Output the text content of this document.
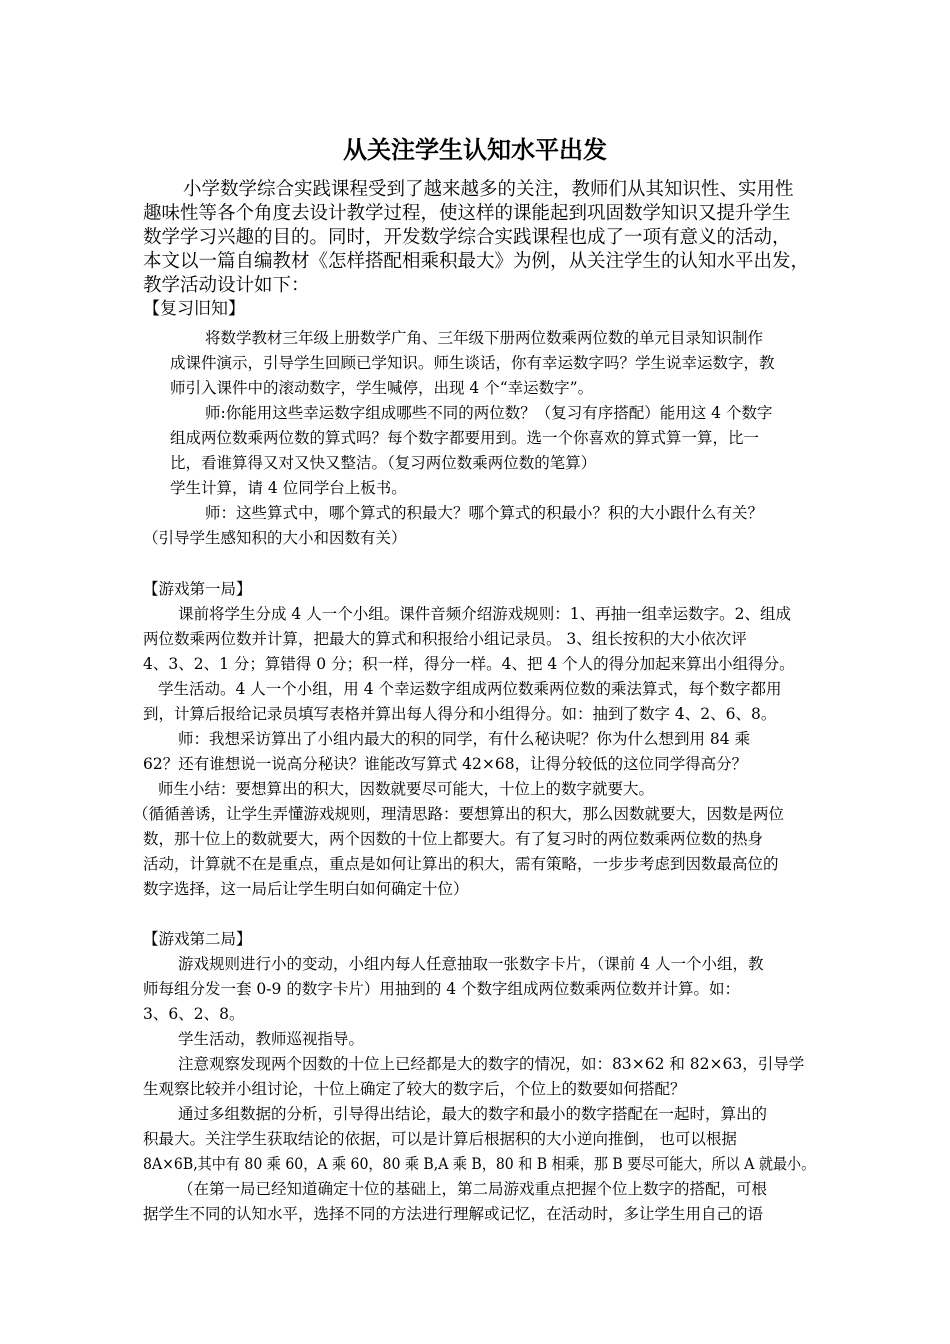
从关注学生认知水平出发
小学数学综合实践课程受到了越来越多的关注，教师们从其知识性、实用性
趣味性等各个角度去设计教学过程，使这样的课能起到巩固数学知识又提升学生
数学学习兴趣的目的。同时，开发数学综合实践课程也成了一项有意义的活动，
本文以一篇自编教材《怎样搭配相乘积最大》为例，从关注学生的认知水平出发，
教学活动设计如下：
【复习旧知】
将数学教材三年级上册数学广角、三年级下册两位数乘两位数的单元目录知识制作
成课件演示，引导学生回顾已学知识。师生谈话，你有幸运数字吗？学生说幸运数字，教
师引入课件中的滚动数字，学生喊停，出现 4 个“幸运数字”。
师:你能用这些幸运数字组成哪些不同的两位数？（复习有序搭配）能用这 4 个数字
组成两位数乘两位数的算式吗？每个数字都要用到。选一个你喜欢的算式算一算，比一
比，看谁算得又对又快又整洁。（复习两位数乘两位数的笔算）
学生计算，请 4 位同学台上板书。
师：这些算式中，哪个算式的积最大？哪个算式的积最小？积的大小跟什么有关？
（引导学生感知积的大小和因数有关）
【游戏第一局】
课前将学生分成 4 人一个小组。课件音频介绍游戏规则：1、再抽一组幸运数字。2、组成
两位数乘两位数并计算，把最大的算式和积报给小组记录员。 3、组长按积的大小依次评
4、3、2、1 分；算错得 0 分；积一样，得分一样。4、把 4 个人的得分加起来算出小组得分。
学生活动。4 人一个小组，用 4 个幸运数字组成两位数乘两位数的乘法算式，每个数字都用
到，计算后报给记录员填写表格并算出每人得分和小组得分。如：抽到了数字 4、2、6、8。
师：我想采访算出了小组内最大的积的同学，有什么秘诀呢？你为什么想到用 84 乘
62？还有谁想说一说高分秘诀？谁能改写算式 42×68，让得分较低的这位同学得高分？
师生小结：要想算出的积大，因数就要尽可能大，十位上的数字就要大。
（循循善诱，让学生弄懂游戏规则，理清思路：要想算出的积大，那么因数就要大，因数是两位
数，那十位上的数就要大，两个因数的十位上都要大。有了复习时的两位数乘两位数的热身
活动，计算就不在是重点，重点是如何让算出的积大，需有策略，一步步考虑到因数最高位的
数字选择，这一局后让学生明白如何确定十位）
【游戏第二局】
游戏规则进行小的变动，小组内每人任意抽取一张数字卡片，（课前 4 人一个小组，教
师每组分发一套 0-9 的数字卡片）用抽到的 4 个数字组成两位数乘两位数并计算。如：
3、6、2、8。
学生活动，教师巡视指导。
注意观察发现两个因数的十位上已经都是大的数字的情况，如：83×62 和 82×63，引导学
生观察比较并小组讨论，十位上确定了较大的数字后，个位上的数要如何搭配？
通过多组数据的分析，引导得出结论，最大的数字和最小的数字搭配在一起时，算出的
积最大。关注学生获取结论的依据，可以是计算后根据积的大小逆向推倒， 也可以根据
8A×6B,其中有 80 乘 60，A 乘 60，80 乘 B,A 乘 B，80 和 B 相乘，那 B 要尽可能大，所以 A 就最小。
（在第一局已经知道确定十位的基础上，第二局游戏重点把握个位上数字的搭配，可根
据学生不同的认知水平，选择不同的方法进行理解或记忆，在活动时，多让学生用自己的语
